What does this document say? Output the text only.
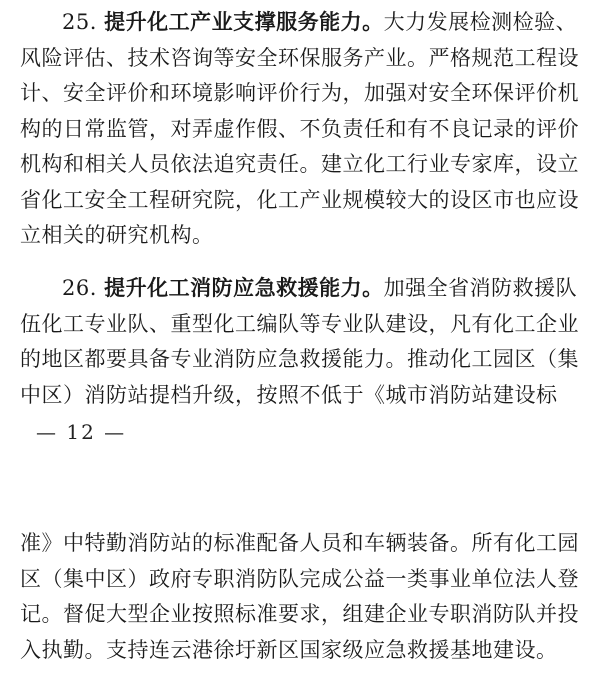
25. 提升化工产业支撑服务能力。大力发展检测检验、
风险评估、技术咨询等安全环保服务产业。严格规范工程设
计、安全评价和环境影响评价行为，加强对安全环保评价机
构的日常监管，对弄虚作假、不负责任和有不良记录的评价
机构和相关人员依法追究责任。建立化工行业专家库，设立
省化工安全工程研究院，化工产业规模较大的设区市也应设
立相关的研究机构。
26. 提升化工消防应急救援能力。加强全省消防救援队
伍化工专业队、重型化工编队等专业队建设，凡有化工企业
的地区都要具备专业消防应急救援能力。推动化工园区（集
中区）消防站提档升级，按照不低于《城市消防站建设标
— 12 —
准》中特勤消防站的标准配备人员和车辆装备。所有化工园
区（集中区）政府专职消防队完成公益一类事业单位法人登
记。督促大型企业按照标准要求，组建企业专职消防队并投
入执勤。支持连云港徐圩新区国家级应急救援基地建设。
